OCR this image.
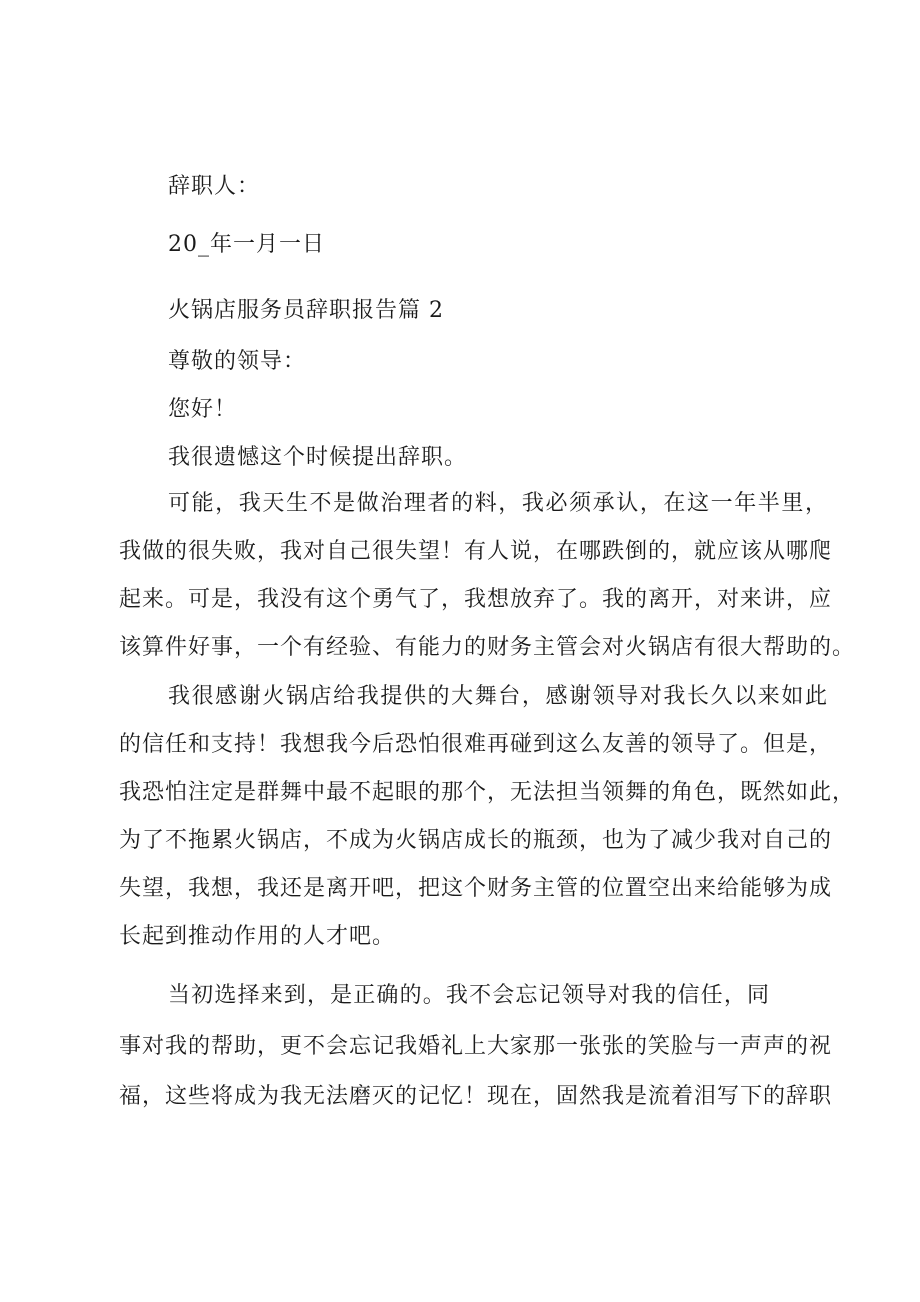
辞职人：
20_年一月一日
火锅店服务员辞职报告篇 2
尊敬的领导：
您好！
我很遗憾这个时候提出辞职。
可能，我天生不是做治理者的料，我必须承认，在这一年半里，
我做的很失败，我对自己很失望！有人说，在哪跌倒的，就应该从哪爬
起来。可是，我没有这个勇气了，我想放弃了。我的离开，对来讲，应
该算件好事，一个有经验、有能力的财务主管会对火锅店有很大帮助的。
我很感谢火锅店给我提供的大舞台，感谢领导对我长久以来如此
的信任和支持！我想我今后恐怕很难再碰到这么友善的领导了。但是，
我恐怕注定是群舞中最不起眼的那个，无法担当领舞的角色，既然如此，
为了不拖累火锅店，不成为火锅店成长的瓶颈，也为了减少我对自己的
失望，我想，我还是离开吧，把这个财务主管的位置空出来给能够为成
长起到推动作用的人才吧。
当初选择来到，是正确的。我不会忘记领导对我的信任，同
事对我的帮助，更不会忘记我婚礼上大家那一张张的笑脸与一声声的祝
福，这些将成为我无法磨灭的记忆！现在，固然我是流着泪写下的辞职
